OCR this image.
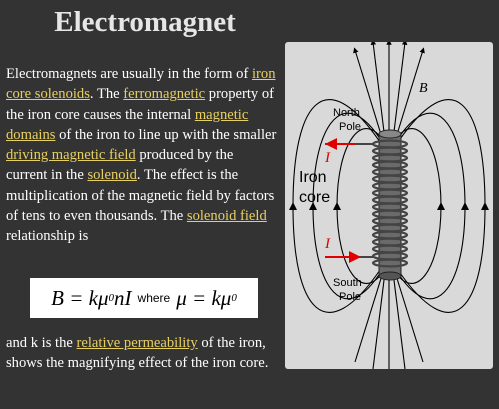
Electromagnet
Electromagnets are usually in the form of iron core solenoids. The ferromagnetic property of the iron core causes the internal magnetic domains of the iron to line up with the smaller driving magnetic field produced by the current in the solenoid. The effect is the multiplication of the magnetic field by factors of tens to even thousands. The solenoid field relationship is
B = kμ 0 nI where μ = kμ 0
and k is the relative permeability of the iron, shows the magnifying effect of the iron core.
B
North
Pole
I
Iron
core
I
South
Pole
